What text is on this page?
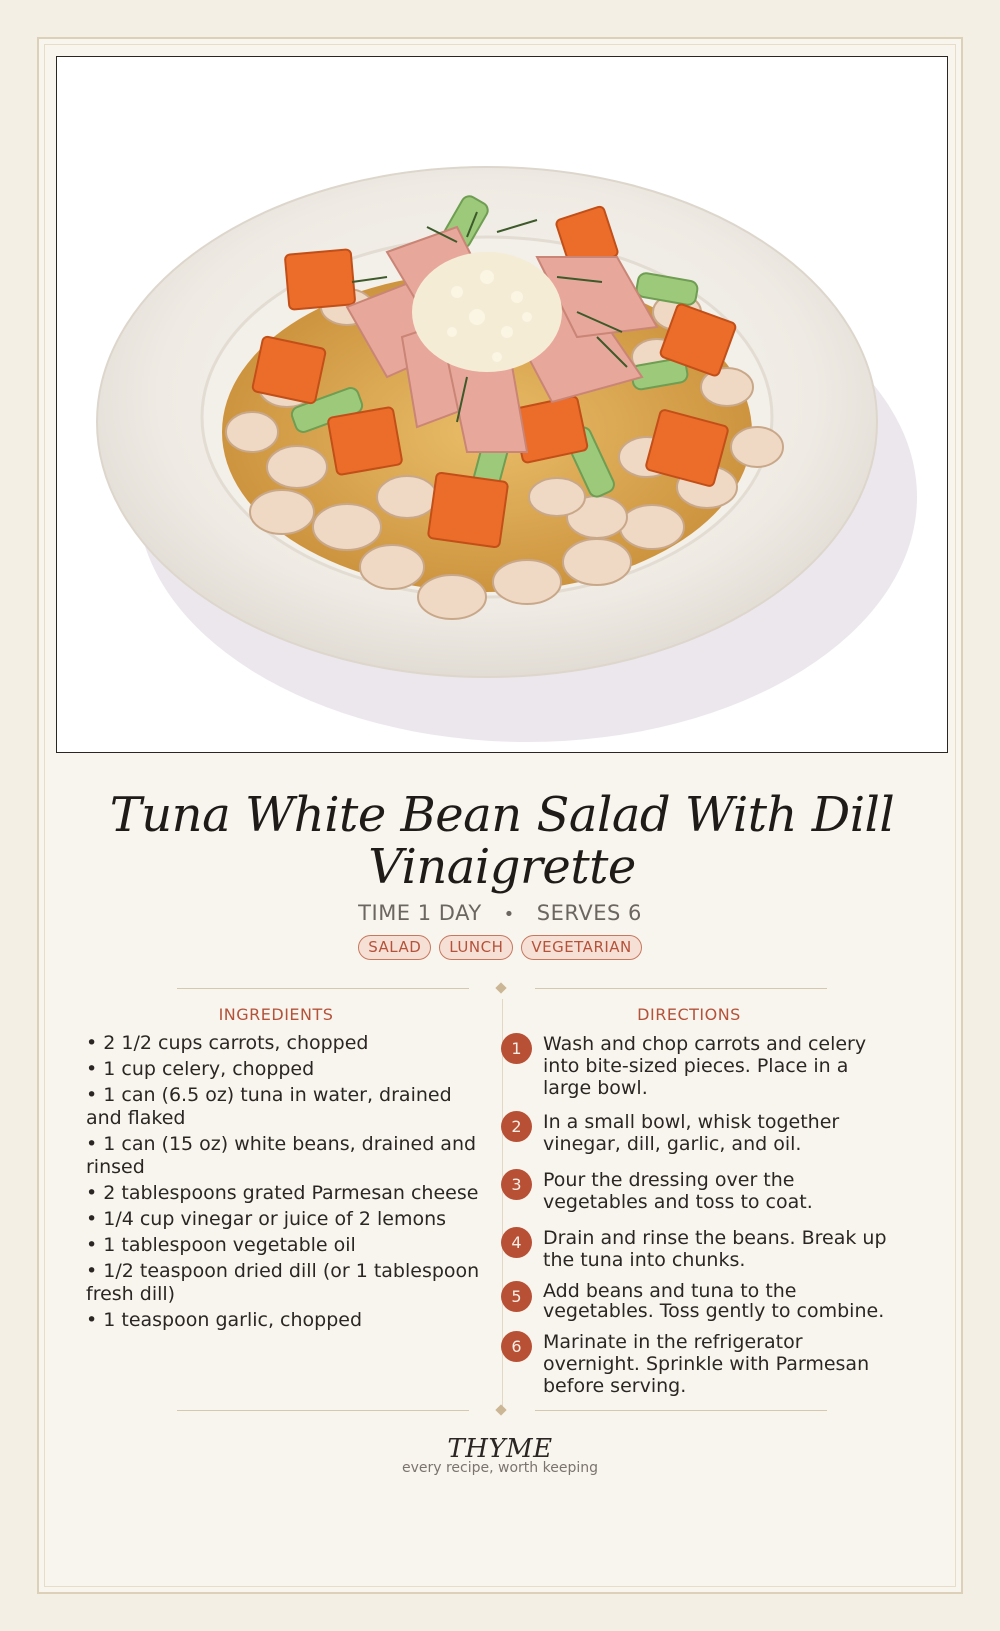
Tuna White Bean Salad With Dill Vinaigrette
TIME 1 DAY • SERVES 6
SALAD	LUNCH	VEGETARIAN
INGREDIENTS
• 2 1/2 cups carrots, chopped
• 1 cup celery, chopped
• 1 can (6.5 oz) tuna in water, drained and flaked
• 1 can (15 oz) white beans, drained and rinsed
• 2 tablespoons grated Parmesan cheese
• 1/4 cup vinegar or juice of 2 lemons
• 1 tablespoon vegetable oil
• 1/2 teaspoon dried dill (or 1 tablespoon fresh dill)
• 1 teaspoon garlic, chopped
DIRECTIONS
1	Wash and chop carrots and celery into bite-sized pieces. Place in a large bowl.
2	In a small bowl, whisk together vinegar, dill, garlic, and oil.
3	Pour the dressing over the vegetables and toss to coat.
4	Drain and rinse the beans. Break up the tuna into chunks.
5	Add beans and tuna to the vegetables. Toss gently to combine.
6	Marinate in the refrigerator overnight. Sprinkle with Parmesan before serving.
THYME
every recipe, worth keeping
